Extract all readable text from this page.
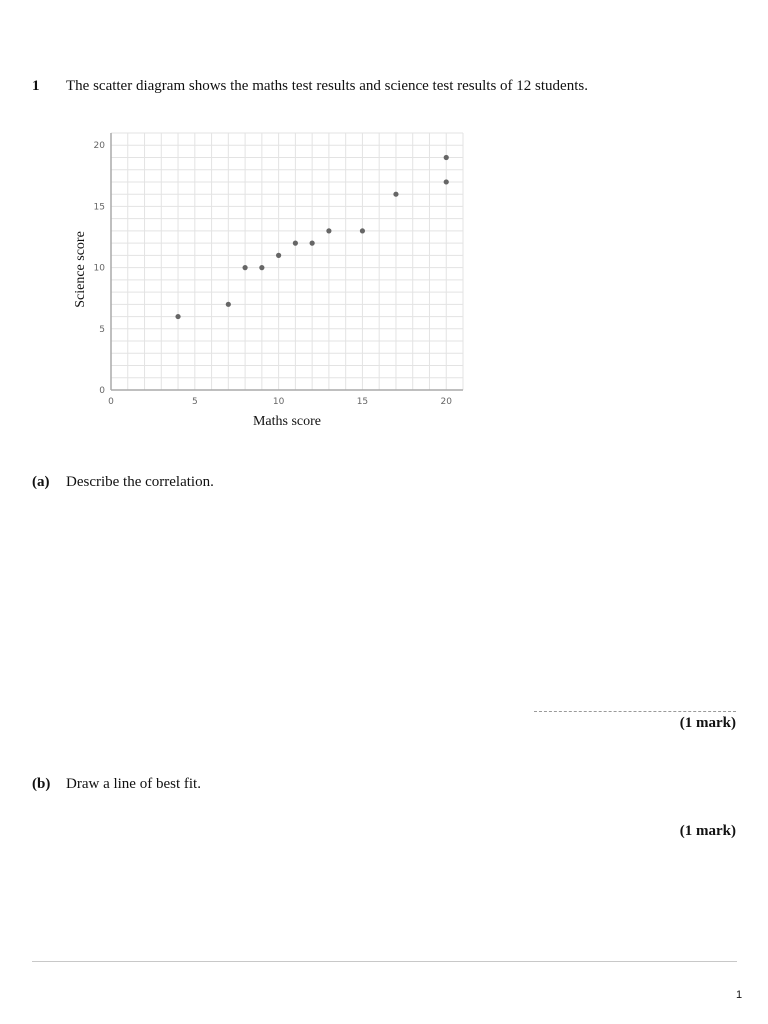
1 The scatter diagram shows the maths test results and science test results of 12 students.
0	5	10	15	20
0
5
10
15
20
Maths score
Science score
(a) Describe the correlation.
(1 mark)
(b) Draw a line of best fit.
(1 mark)
1
